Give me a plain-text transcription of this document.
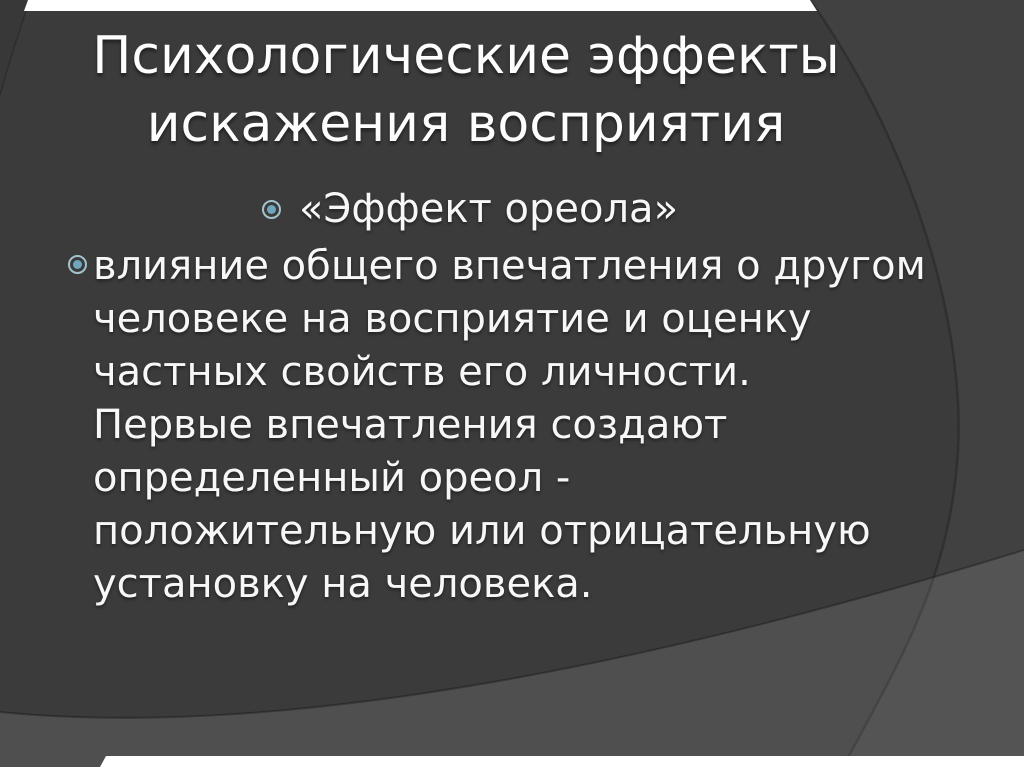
Психологические эффекты
искажения восприятия
«Эффект ореола»
влияние общего впечатления о другом
человеке на восприятие и оценку
частных свойств его личности.
Первые впечатления создают
определенный ореол -
положительную или отрицательную
установку на человека.
